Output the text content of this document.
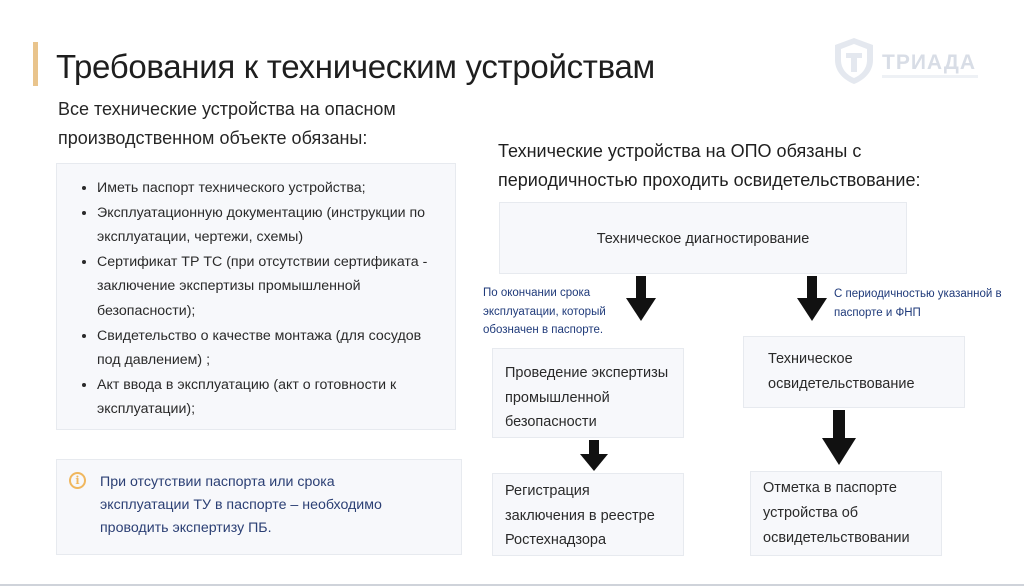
Требования к техническим устройствам	ТРИАДА
Все технические устройства на опасном производственном объекте обязаны:
• Иметь паспорт технического устройства;
• Эксплуатационную документацию (инструкции по эксплуатации, чертежи, схемы)
• Сертификат ТР ТС (при отсутствии сертификата - заключение экспертизы промышленной безопасности);
• Свидетельство о качестве монтажа (для сосудов под давлением) ;
• Акт ввода в эксплуатацию (акт о готовности к эксплуатации);
i	При отсутствии паспорта или срока эксплуатации ТУ в паспорте – необходимо проводить экспертизу ПБ.
Технические устройства на ОПО обязаны с периодичностью проходить освидетельствование:
Техническое диагностирование
По окончании срока эксплуатации, который обозначен в паспорте.
С периодичностью указанной в паспорте и ФНП
Проведение экспертизы промышленной безопасности
Техническое освидетельствование
Регистрация заключения в реестре Ростехнадзора
Отметка в паспорте устройства об освидетельствовании
